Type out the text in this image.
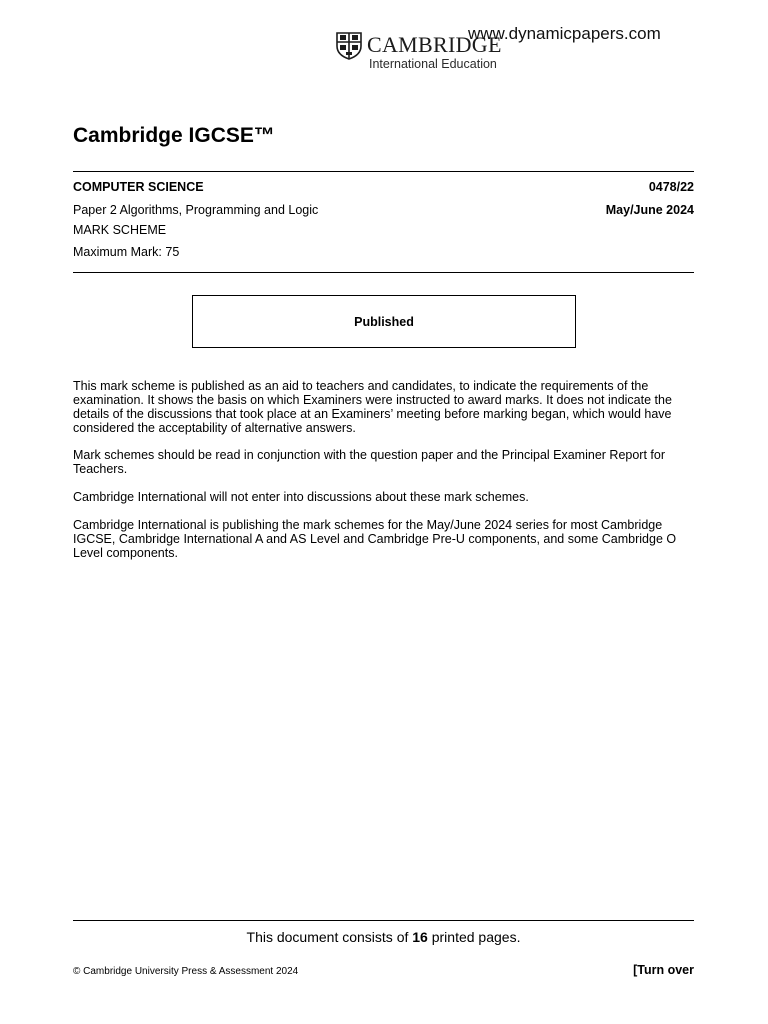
CAMBRIDGE
International Education
www.dynamicpapers.com
Cambridge IGCSE™
COMPUTER SCIENCE	0478/22
Paper 2 Algorithms, Programming and Logic	May/June 2024
MARK SCHEME
Maximum Mark: 75
Published

This mark scheme is published as an aid to teachers and candidates, to indicate the requirements of the examination. It shows the basis on which Examiners were instructed to award marks. It does not indicate the details of the discussions that took place at an Examiners’ meeting before marking began, which would have considered the acceptability of alternative answers.

Mark schemes should be read in conjunction with the question paper and the Principal Examiner Report for Teachers.

Cambridge International will not enter into discussions about these mark schemes.

Cambridge International is publishing the mark schemes for the May/June 2024 series for most Cambridge IGCSE, Cambridge International A and AS Level and Cambridge Pre-U components, and some Cambridge O Level components.

This document consists of 16 printed pages.
© Cambridge University Press & Assessment 2024	[Turn over
